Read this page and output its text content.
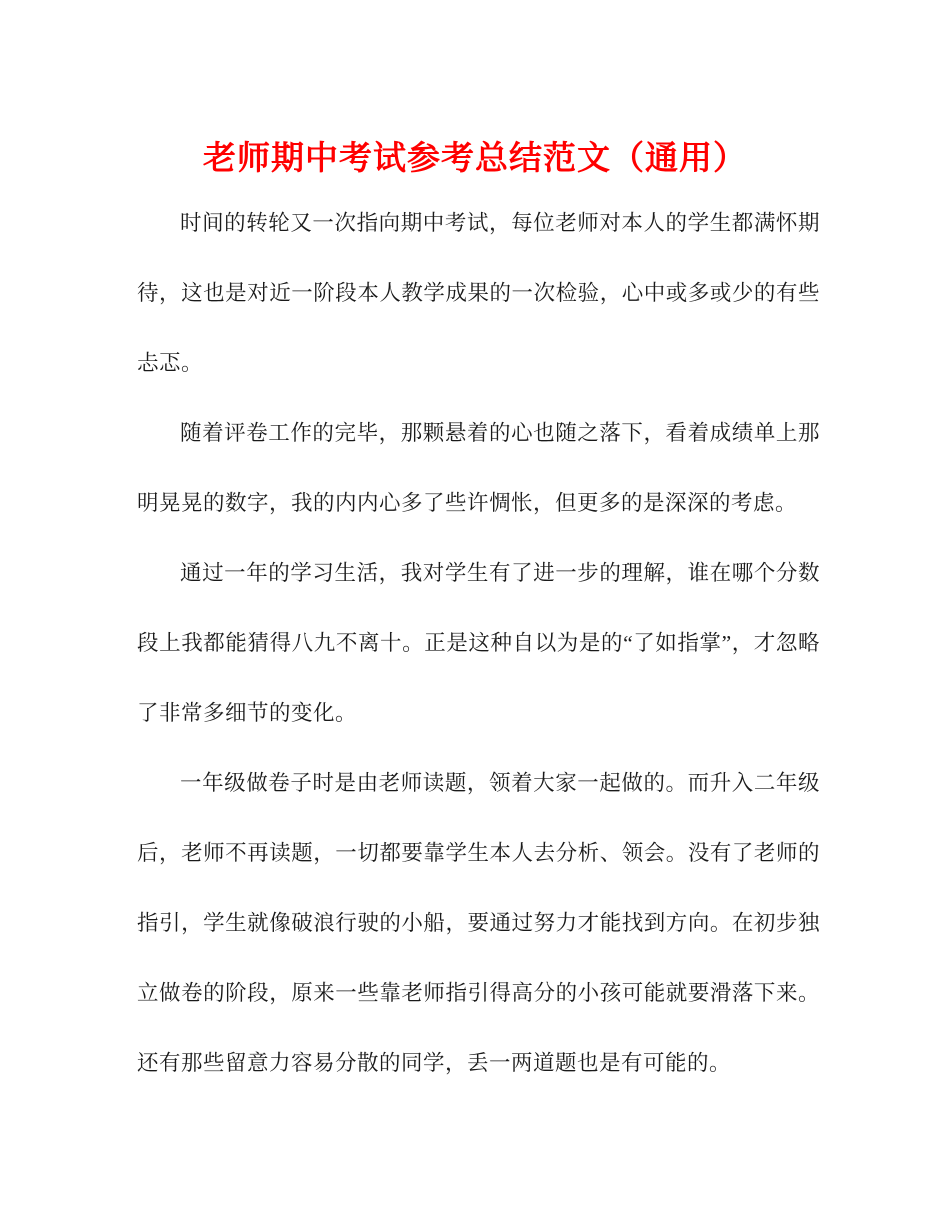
老师期中考试参考总结范文（通用）

时间的转轮又一次指向期中考试，每位老师对本人的学生都满怀期待，这也是对近一阶段本人教学成果的一次检验，心中或多或少的有些忐忑。

随着评卷工作的完毕，那颗悬着的心也随之落下，看着成绩单上那明晃晃的数字，我的内内心多了些许惆怅，但更多的是深深的考虑。

通过一年的学习生活，我对学生有了进一步的理解，谁在哪个分数段上我都能猜得八九不离十。正是这种自以为是的“了如指掌”，才忽略了非常多细节的变化。

一年级做卷子时是由老师读题，领着大家一起做的。而升入二年级后，老师不再读题，一切都要靠学生本人去分析、领会。没有了老师的指引，学生就像破浪行驶的小船，要通过努力才能找到方向。在初步独立做卷的阶段，原来一些靠老师指引得高分的小孩可能就要滑落下来。还有那些留意力容易分散的同学，丢一两道题也是有可能的。
